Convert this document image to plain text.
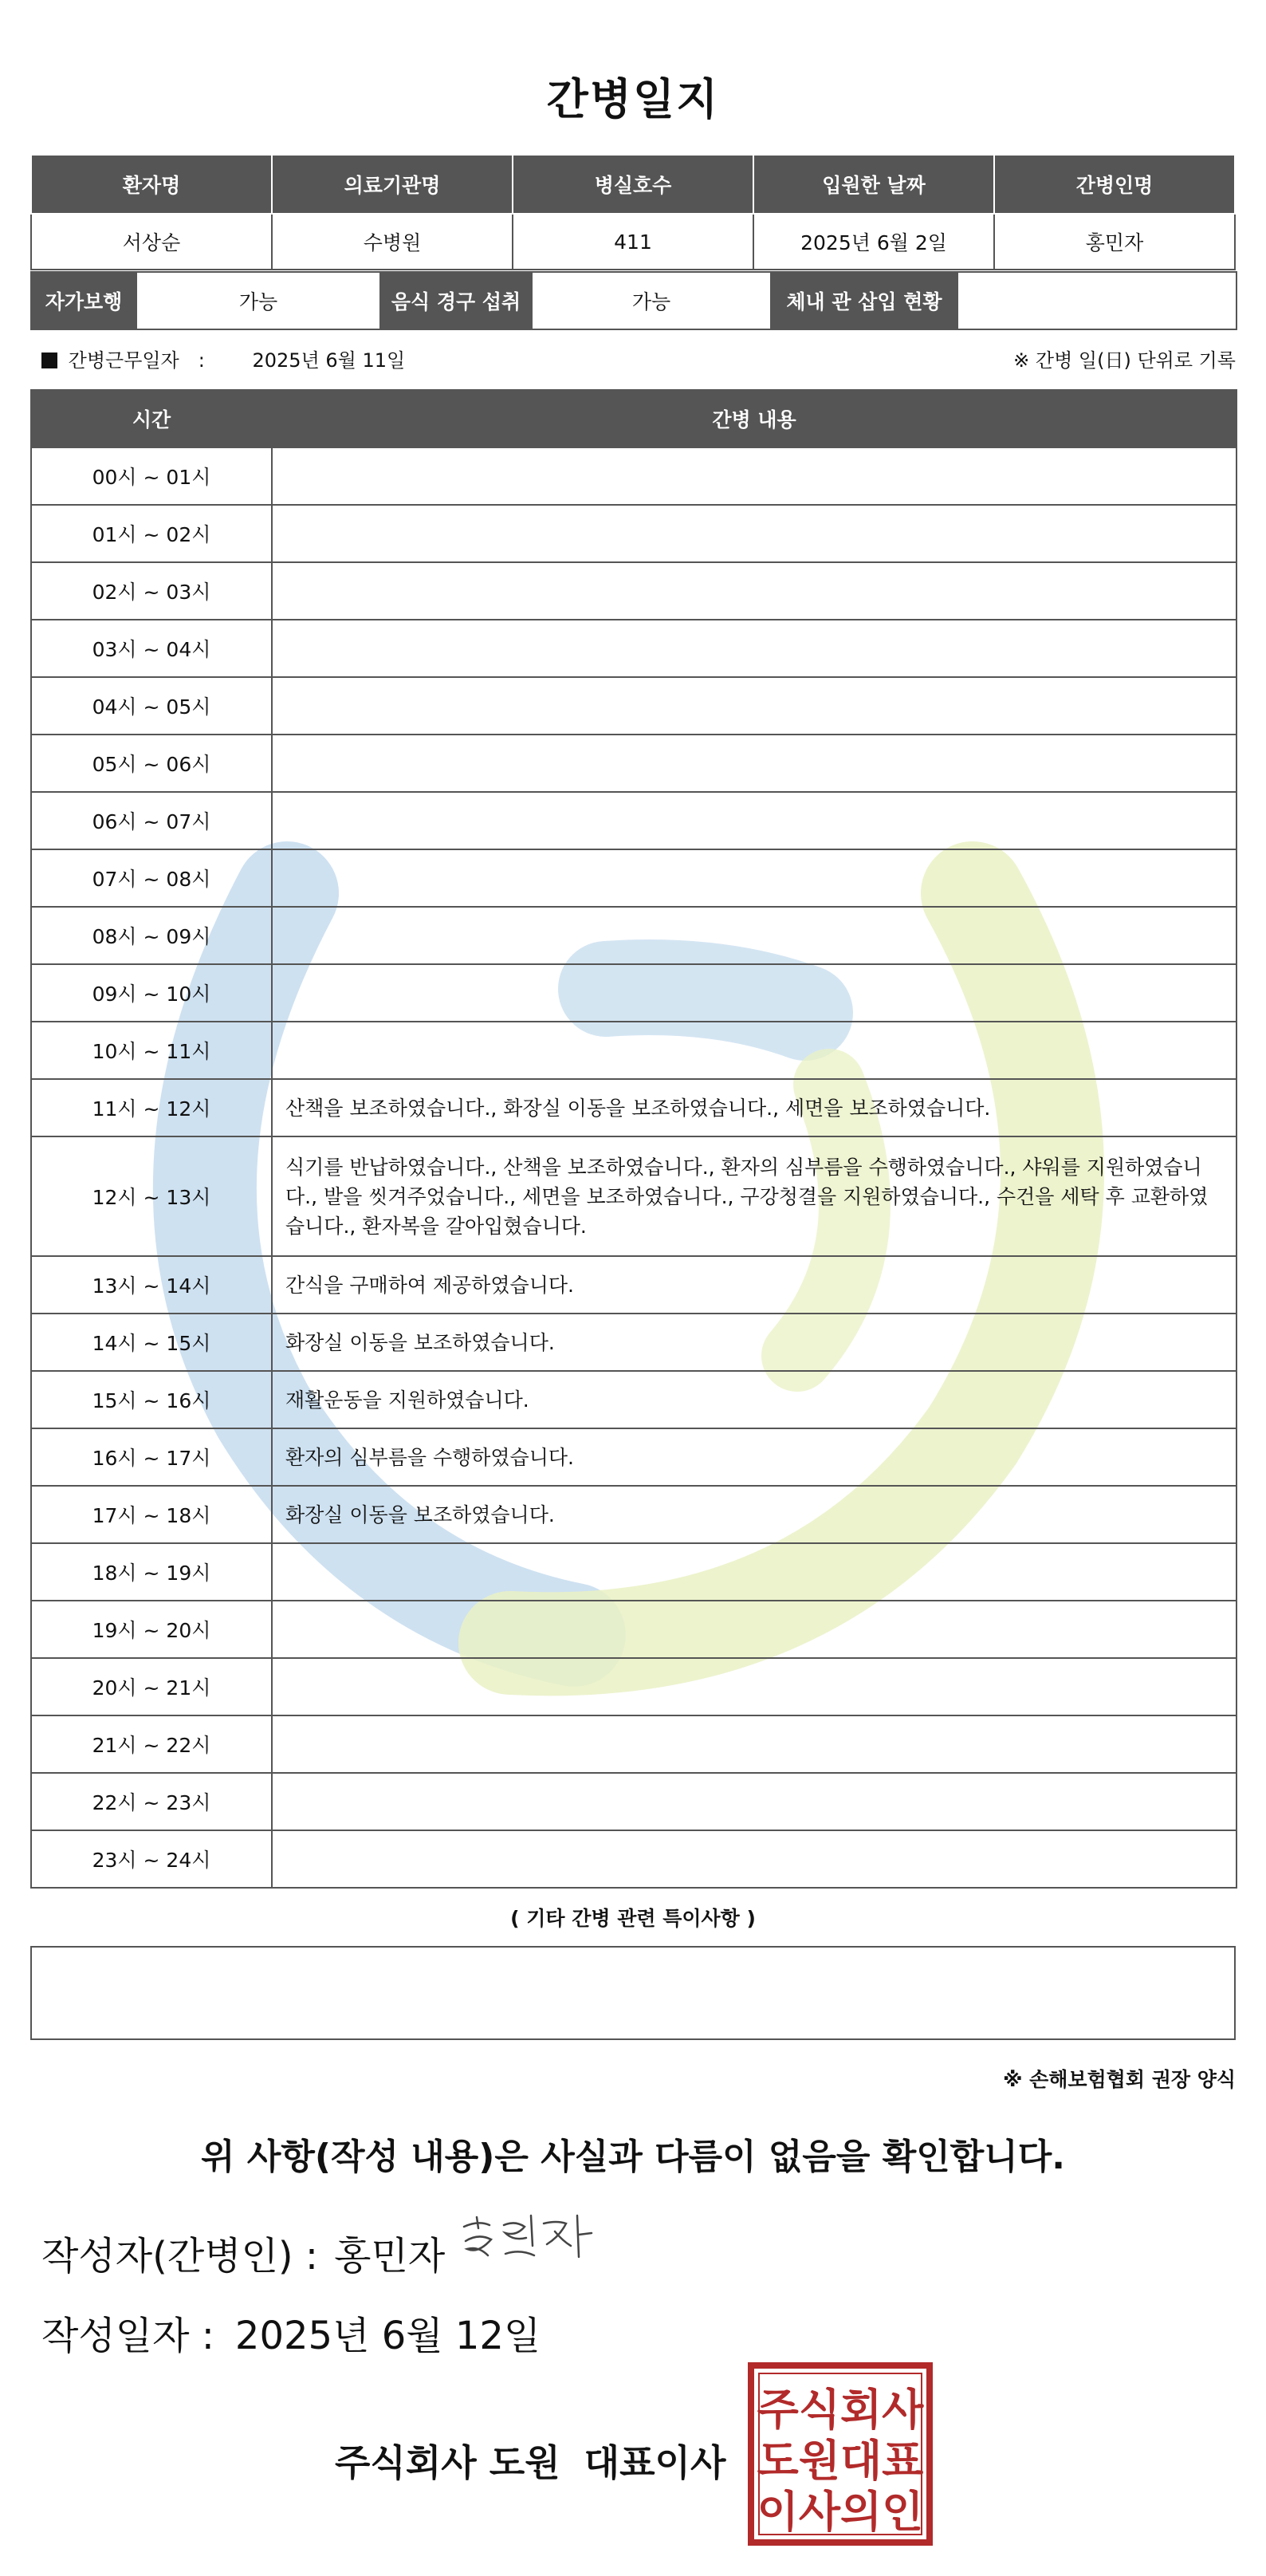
간병일지
환자명	의료기관명	병실호수	입원한 날짜	간병인명
서상순	수병원	411	2025년 6월 2일	홍민자
자가보행	가능	음식 경구 섭취	가능	체내 관 삽입 현황	
간병근무일자　: 2025년 6월 11일	※ 간병 일(日) 단위로 기록
시간	간병 내용
00시 ~ 01시	
01시 ~ 02시	
02시 ~ 03시	
03시 ~ 04시	
04시 ~ 05시	
05시 ~ 06시	
06시 ~ 07시	
07시 ~ 08시	
08시 ~ 09시	
09시 ~ 10시	
10시 ~ 11시	
11시 ~ 12시	산책을 보조하였습니다., 화장실 이동을 보조하였습니다., 세면을 보조하였습니다.
12시 ~ 13시	식기를 반납하였습니다., 산책을 보조하였습니다., 환자의 심부름을 수행하였습니다., 샤워를 지원하였습니다., 발을 씻겨주었습니다., 세면을 보조하였습니다., 구강청결을 지원하였습니다., 수건을 세탁 후 교환하였습니다., 환자복을 갈아입혔습니다.
13시 ~ 14시	간식을 구매하여 제공하였습니다.
14시 ~ 15시	화장실 이동을 보조하였습니다.
15시 ~ 16시	재활운동을 지원하였습니다.
16시 ~ 17시	환자의 심부름을 수행하였습니다.
17시 ~ 18시	화장실 이동을 보조하였습니다.
18시 ~ 19시	
19시 ~ 20시	
20시 ~ 21시	
21시 ~ 22시	
22시 ~ 23시	
23시 ~ 24시	
( 기타 간병 관련 특이사항 )
※ 손해보험협회 권장 양식
위 사항(작성 내용)은 사실과 다름이 없음을 확인합니다.
작성자(간병인) : 홍민자
작성일자 : 2025년 6월 12일
주식회사 도원 대표이사
주식회사
도원대표
이사의인
